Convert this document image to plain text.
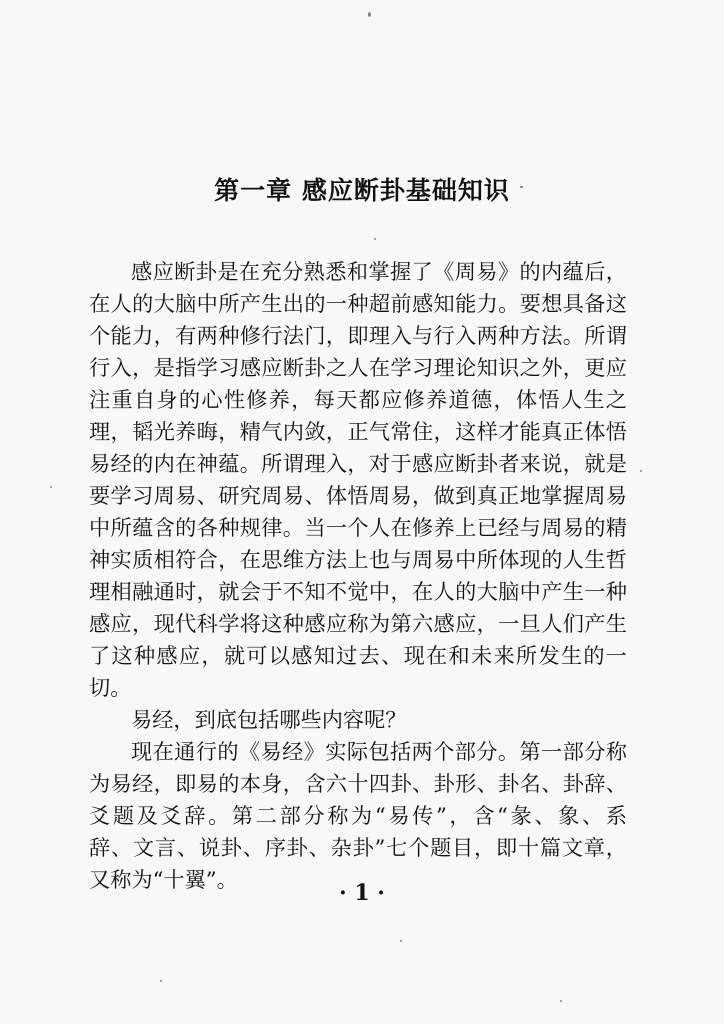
第一章 感应断卦基础知识
感应断卦是在充分熟悉和掌握了《周易》的内蕴后，
在人的大脑中所产生出的一种超前感知能力。要想具备这
个能力，有两种修行法门，即理入与行入两种方法。所谓
行入，是指学习感应断卦之人在学习理论知识之外，更应
注重自身的心性修养，每天都应修养道德，体悟人生之
理，韬光养晦，精气内敛，正气常住，这样才能真正体悟
易经的内在神蕴。所谓理入，对于感应断卦者来说，就是
要学习周易、研究周易、体悟周易，做到真正地掌握周易
中所蕴含的各种规律。当一个人在修养上已经与周易的精
神实质相符合，在思维方法上也与周易中所体现的人生哲
理相融通时，就会于不知不觉中，在人的大脑中产生一种
感应，现代科学将这种感应称为第六感应，一旦人们产生
了这种感应，就可以感知过去、现在和未来所发生的一
切。
易经，到底包括哪些内容呢？
现在通行的《易经》实际包括两个部分。第一部分称
为易经，即易的本身，含六十四卦、卦形、卦名、卦辞、
爻题及爻辞。第二部分称为“易传”，含“彖、象、系
辞、文言、说卦、序卦、杂卦”七个题目，即十篇文章，
又称为“十翼”。
· 1 ·
